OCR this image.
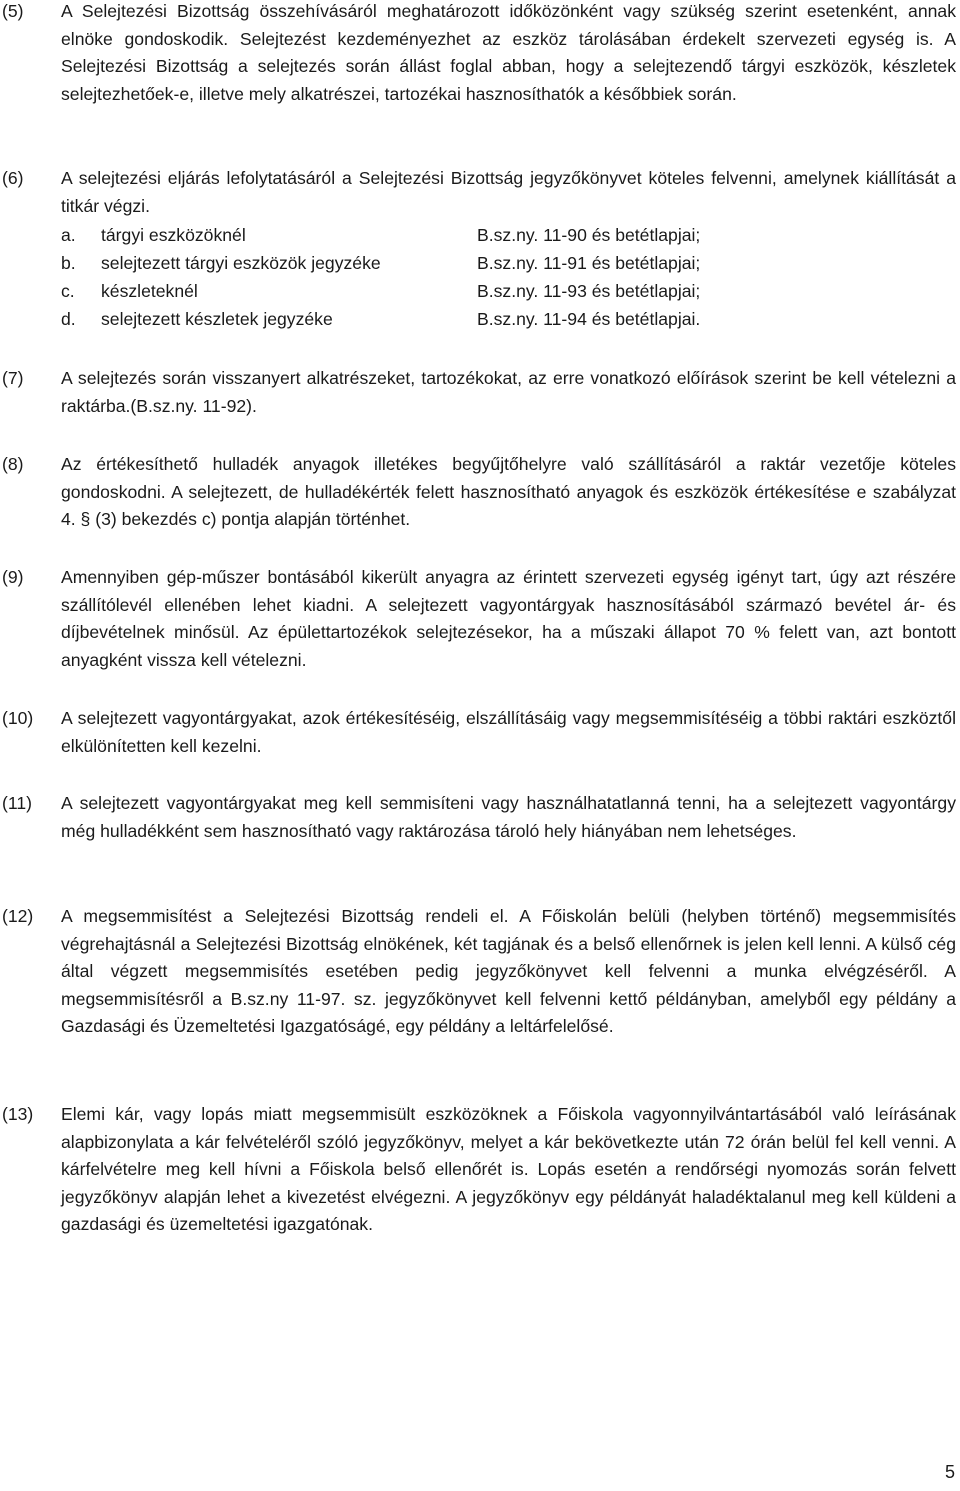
(5) A Selejtezési Bizottság összehívásáról meghatározott időközönként vagy szükség szerint esetenként, annak elnöke gondoskodik. Selejtezést kezdeményezhet az eszköz tárolásában érdekelt szervezeti egység is. A Selejtezési Bizottság a selejtezés során állást foglal abban, hogy a selejtezendő tárgyi eszközök, készletek selejtezhetőek-e, illetve mely alkatrészei, tartozékai hasznosíthatók a későbbiek során.
(6) A selejtezési eljárás lefolytatásáról a Selejtezési Bizottság jegyzőkönyvet köteles felvenni, amelynek kiállítását a titkár végzi.
a. tárgyi eszközöknél	B.sz.ny. 11-90 és betétlapjai;
b. selejtezett tárgyi eszközök jegyzéke	B.sz.ny. 11-91 és betétlapjai;
c. készleteknél	B.sz.ny. 11-93 és betétlapjai;
d. selejtezett készletek jegyzéke	B.sz.ny. 11-94 és betétlapjai.
(7) A selejtezés során visszanyert alkatrészeket, tartozékokat, az erre vonatkozó előírások szerint be kell vételezni a raktárba.(B.sz.ny. 11-92).
(8) Az értékesíthető hulladék anyagok illetékes begyűjtőhelyre való szállításáról a raktár vezetője köteles gondoskodni. A selejtezett, de hulladékérték felett hasznosítható anyagok és eszközök értékesítése e szabályzat 4. § (3) bekezdés c) pontja alapján történhet.
(9) Amennyiben gép-műszer bontásából kikerült anyagra az érintett szervezeti egység igényt tart, úgy azt részére szállítólevél ellenében lehet kiadni. A selejtezett vagyontárgyak hasznosításából származó bevétel ár- és díjbevételnek minősül. Az épülettartozékok selejtezésekor, ha a műszaki állapot 70 % felett van, azt bontott anyagként vissza kell vételezni.
(10) A selejtezett vagyontárgyakat, azok értékesítéséig, elszállításáig vagy megsemmisítéséig a többi raktári eszköztől elkülönítetten kell kezelni.
(11) A selejtezett vagyontárgyakat meg kell semmisíteni vagy használhatatlanná tenni, ha a selejtezett vagyontárgy még hulladékként sem hasznosítható vagy raktározása tároló hely hiányában nem lehetséges.
(12) A megsemmisítést a Selejtezési Bizottság rendeli el. A Főiskolán belüli (helyben történő) megsemmisítés végrehajtásnál a Selejtezési Bizottság elnökének, két tagjának és a belső ellenőrnek is jelen kell lenni. A külső cég által végzett megsemmisítés esetében pedig jegyzőkönyvet kell felvenni a munka elvégzéséről. A megsemmisítésről a B.sz.ny 11-97. sz. jegyzőkönyvet kell felvenni kettő példányban, amelyből egy példány a Gazdasági és Üzemeltetési Igazgatóságé, egy példány a leltárfelelősé.
(13) Elemi kár, vagy lopás miatt megsemmisült eszközöknek a Főiskola vagyonnyilvántartásából való leírásának alapbizonylata a kár felvételéről szóló jegyzőkönyv, melyet a kár bekövetkezte után 72 órán belül fel kell venni. A kárfelvételre meg kell hívni a Főiskola belső ellenőrét is. Lopás esetén a rendőrségi nyomozás során felvett jegyzőkönyv alapján lehet a kivezetést elvégezni. A jegyzőkönyv egy példányát haladéktalanul meg kell küldeni a gazdasági és üzemeltetési igazgatónak.
5
